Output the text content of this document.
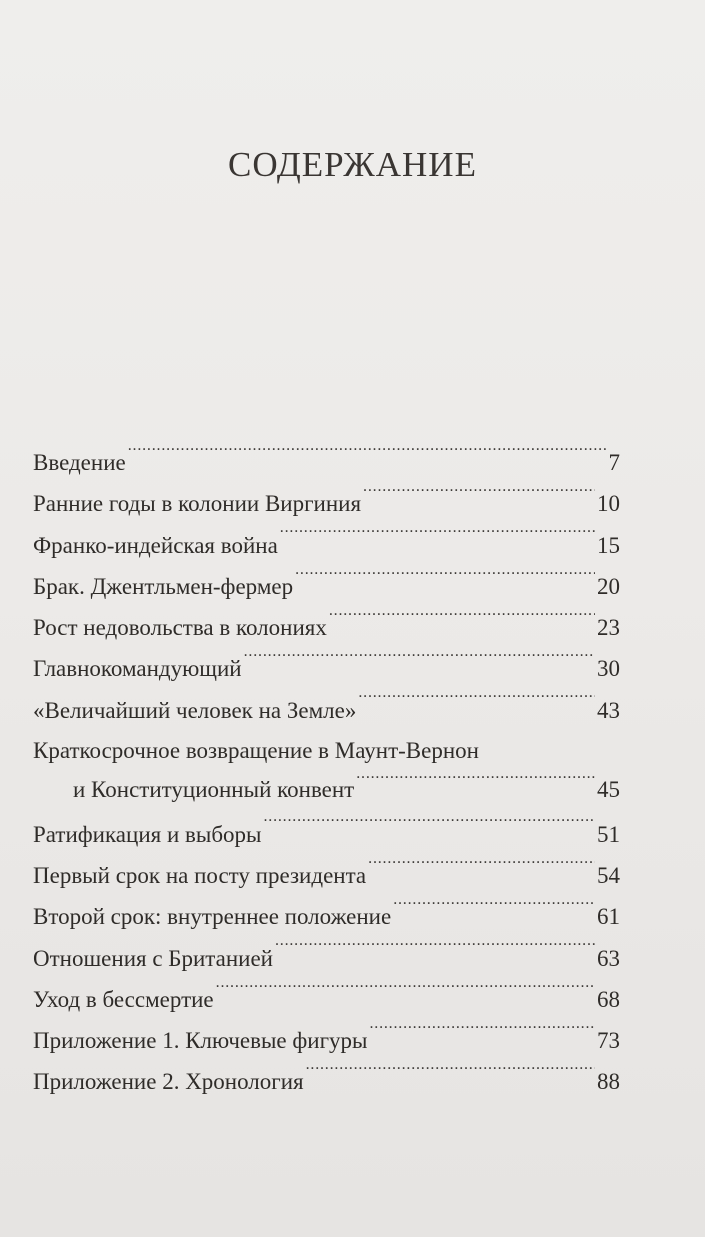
СОДЕРЖАНИЕ
Введение . . .	7
Ранние годы в колонии Виргиния . . .	10
Франко-индейская война . . .	15
Брак. Джентльмен-фермер . . .	20
Рост недовольства в колониях . . .	23
Главнокомандующий . . .	30
«Величайший человек на Земле» . . .	43
Краткосрочное возвращение в Маунт-Вернон
и Конституционный конвент . . .	45
Ратификация и выборы . . .	51
Первый срок на посту президента . . .	54
Второй срок: внутреннее положение . . .	61
Отношения с Британией . . .	63
Уход в бессмертие . . .	68
Приложение 1. Ключевые фигуры . . .	73
Приложение 2. Хронология . . .	88
